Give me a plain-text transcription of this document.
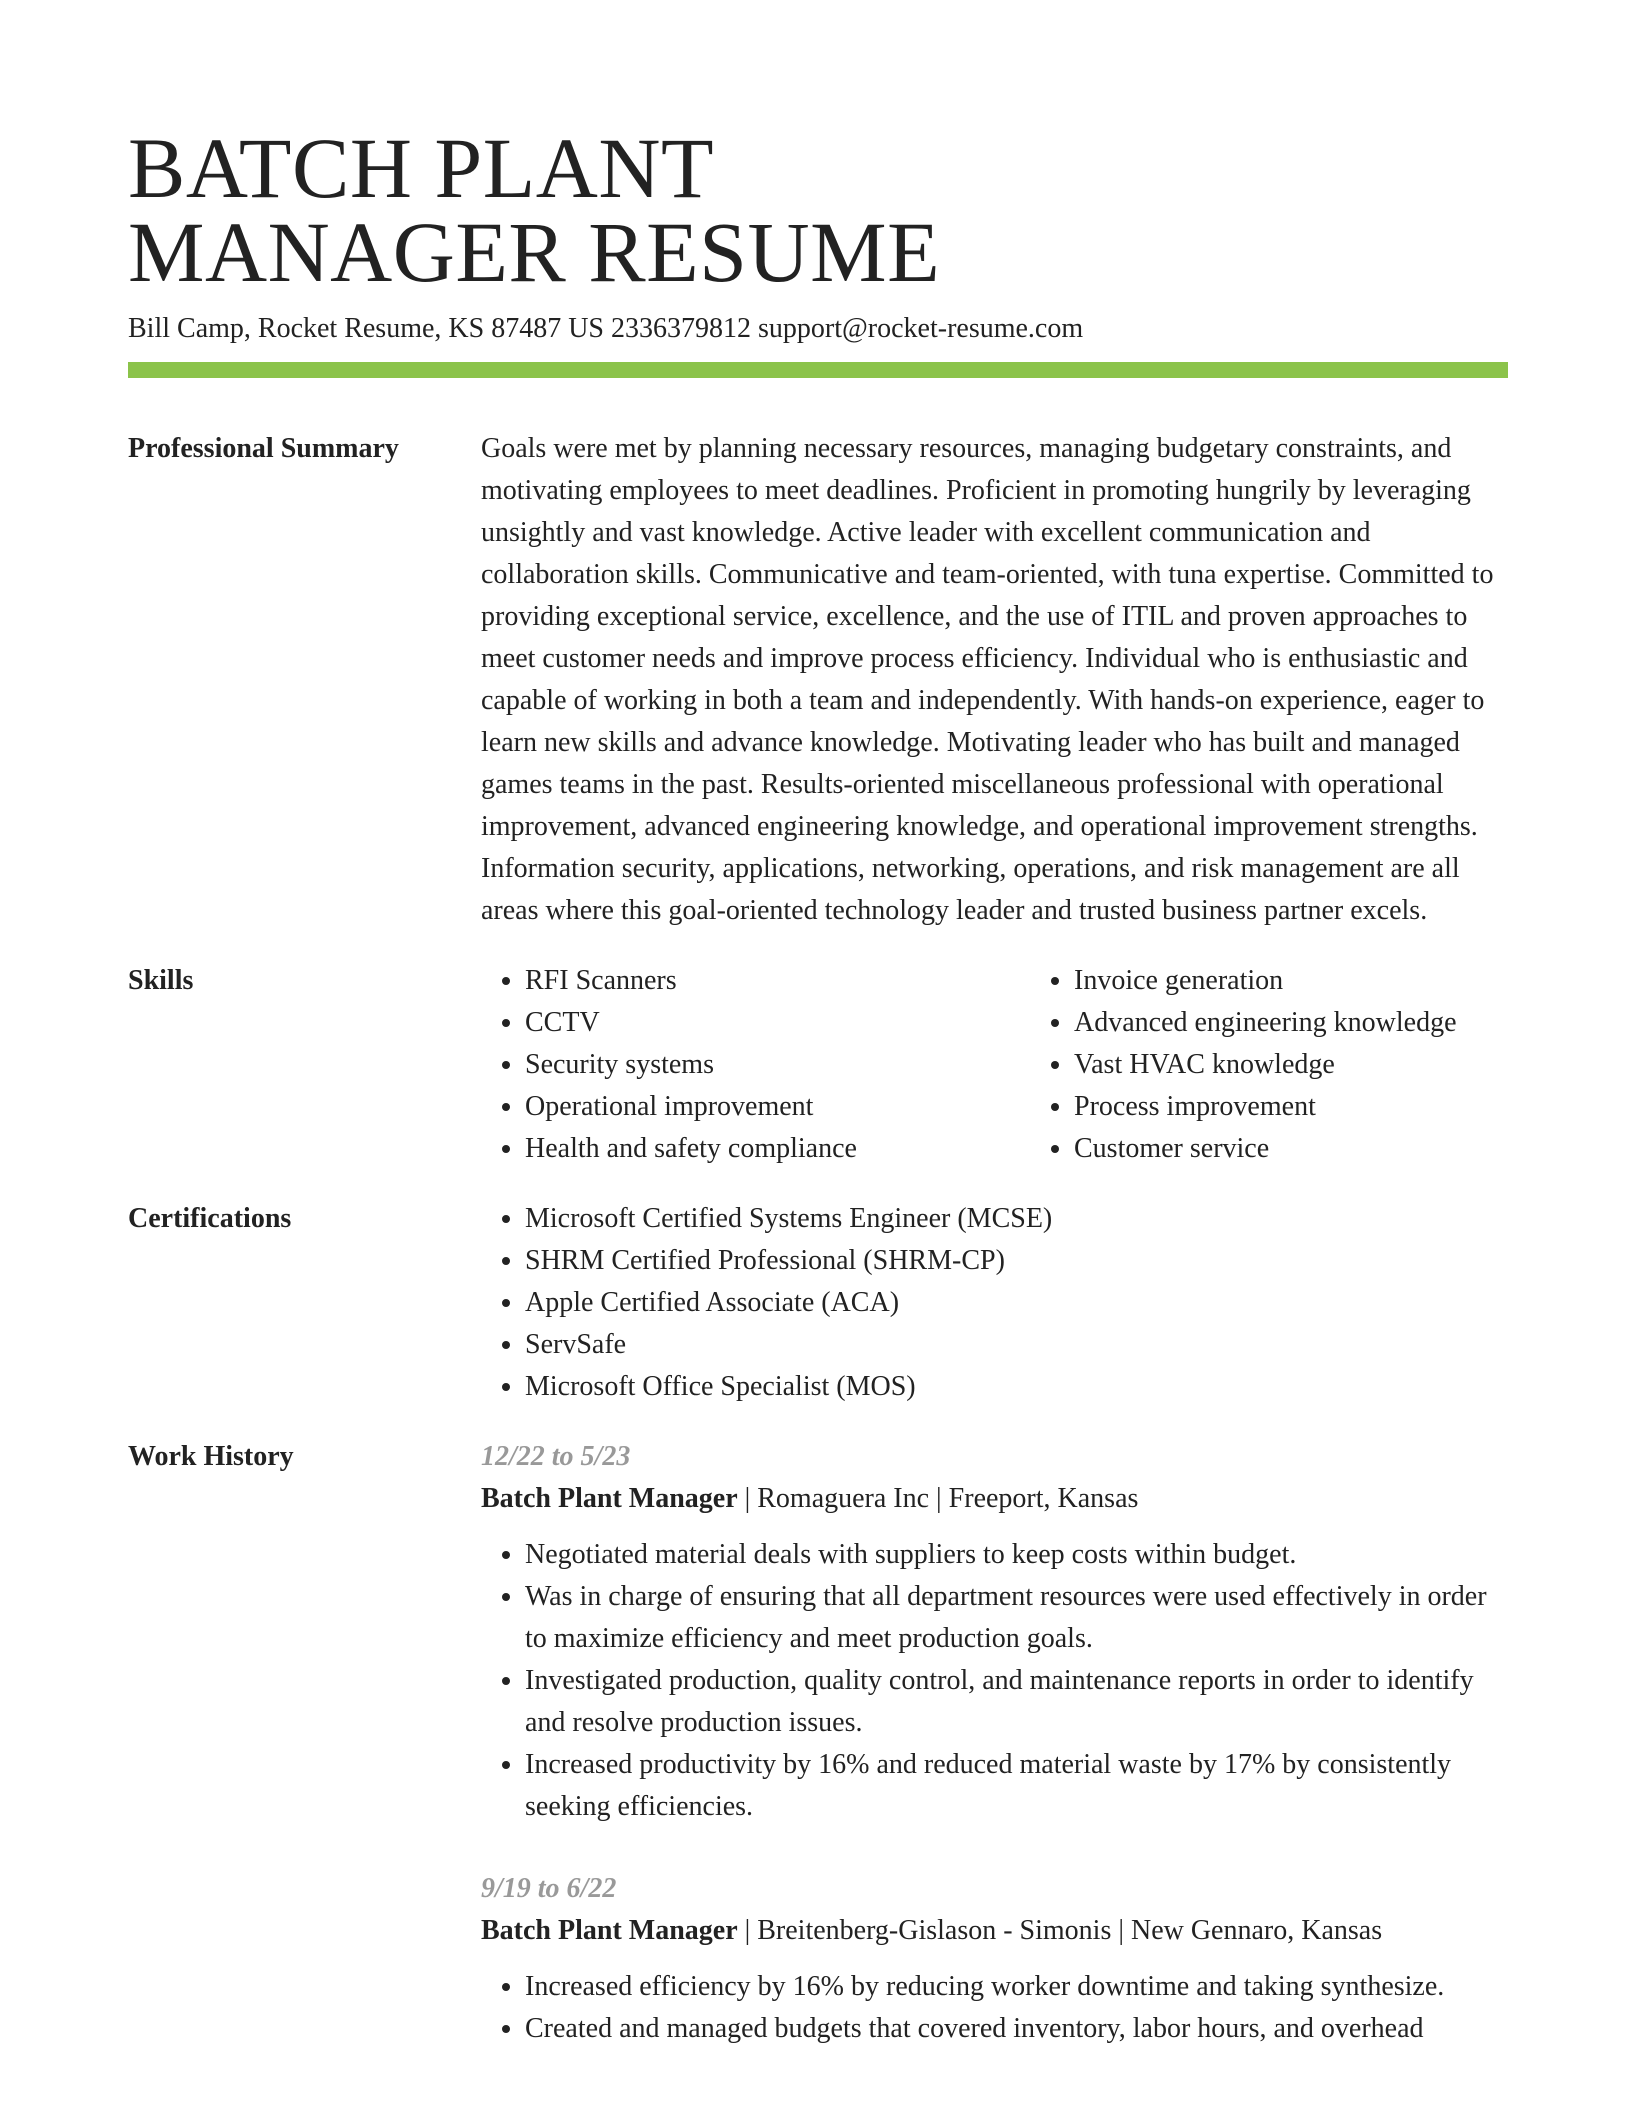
BATCH PLANT
MANAGER RESUME
Bill Camp, Rocket Resume, KS 87487 US 2336379812 support@rocket-resume.com
Professional Summary	Goals were met by planning necessary resources, managing budgetary constraints, and motivating employees to meet deadlines. Proficient in promoting hungrily by leveraging unsightly and vast knowledge. Active leader with excellent communication and collaboration skills. Communicative and team-oriented, with tuna expertise. Committed to providing exceptional service, excellence, and the use of ITIL and proven approaches to meet customer needs and improve process efficiency. Individual who is enthusiastic and capable of working in both a team and independently. With hands-on experience, eager to learn new skills and advance knowledge. Motivating leader who has built and managed games teams in the past. Results-oriented miscellaneous professional with operational improvement, advanced engineering knowledge, and operational improvement strengths. Information security, applications, networking, operations, and risk management are all areas where this goal-oriented technology leader and trusted business partner excels.

Skills	• RFI Scanners
• CCTV
• Security systems
• Operational improvement
• Health and safety compliance
• Invoice generation
• Advanced engineering knowledge
• Vast HVAC knowledge
• Process improvement
• Customer service
Certifications	• Microsoft Certified Systems Engineer (MCSE)
• SHRM Certified Professional (SHRM-CP)
• Apple Certified Associate (ACA)
• ServSafe
• Microsoft Office Specialist (MOS)
Work History	12/22 to 5/23
Batch Plant Manager | Romaguera Inc | Freeport, Kansas
• Negotiated material deals with suppliers to keep costs within budget.
• Was in charge of ensuring that all department resources were used effectively in order to maximize efficiency and meet production goals.
• Investigated production, quality control, and maintenance reports in order to identify and resolve production issues.
• Increased productivity by 16% and reduced material waste by 17% by consistently seeking efficiencies.
9/19 to 6/22
Batch Plant Manager | Breitenberg-Gislason - Simonis | New Gennaro, Kansas
• Increased efficiency by 16% by reducing worker downtime and taking synthesize.
• Created and managed budgets that covered inventory, labor hours, and overhead
